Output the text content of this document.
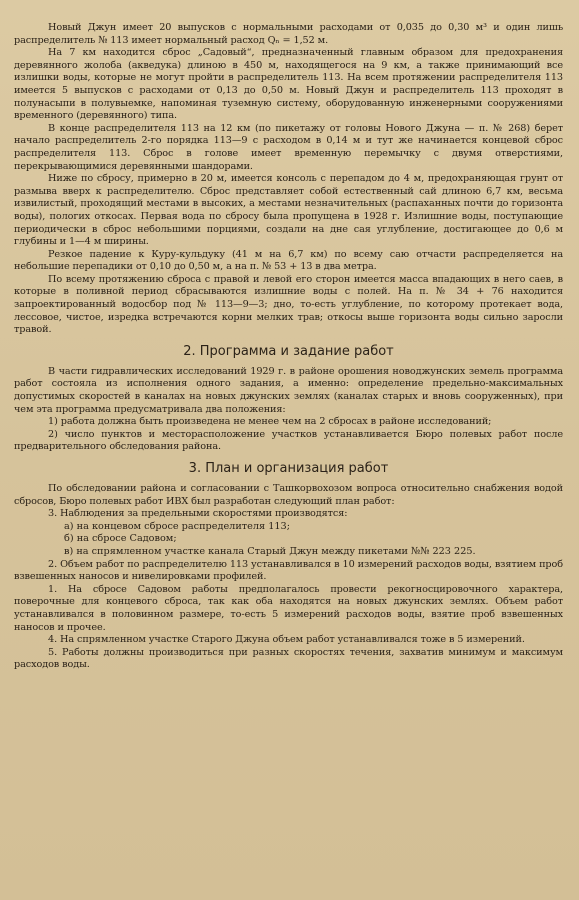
Новый Джун имеет 20 выпусков с нормальными расходами от 0,035 до 0,30 м³ и один лишь распределитель № 113 имеет нормальный расход Qₙ = 1,52 м.

На 7 км находится сброс „Садовый“, предназначенный главным образом для предохранения деревянного жолоба (акведука) длиною в 450 м, находящегося на 9 км, а также принимающий все излишки воды, которые не могут пройти в распределитель 113. На всем протяжении распределителя 113 имеется 5 выпусков с расходами от 0,13 до 0,50 м. Новый Джун и распределитель 113 проходят в полунасыпи в полувыемке, напоминая туземную систему, оборудованную инженерными сооружениями временного (деревянного) типа.

В конце распределителя 113 на 12 км (по пикетажу от головы Нового Джуна — п. № 268) берет начало распределитель 2-го порядка 113—9 с расходом в 0,14 м и тут же начинается концевой сброс распределителя 113. Сброс в голове имеет временную перемычку с двумя отверстиями, перекрывающимися деревянными шандорами.

Ниже по сбросу, примерно в 20 м, имеется консоль с перепадом до 4 м, предохраняющая грунт от размыва вверх к распределителю. Сброс представляет собой естественный сай длиною 6,7 км, весьма извилистый, проходящий местами в высоких, а местами незначительных (распаханных почти до горизонта воды), пологих откосах. Первая вода по сбросу была пропущена в 1928 г. Излишние воды, поступающие периодически в сброс небольшими порциями, создали на дне сая углубление, достигающее до 0,6 м глубины и 1—4 м ширины.

Резкое падение к Куру-кульдуку (41 м на 6,7 км) по всему саю отчасти распределяется на небольшие перепадики от 0,10 до 0,50 м, а на п. № 53 + 13 в два метра.

По всему протяжению сброса с правой и левой его сторон имеется масса впадающих в него саев, в которые в поливной период сбрасываются излишние воды с полей. На п. № 34 + 76 находится запроектированный водосбор под № 113—9—3; дно, то-есть углубление, по которому протекает вода, лессовое, чистое, изредка встречаются корни мелких трав; откосы выше горизонта воды сильно заросли травой.

2. Программа и задание работ

В части гидравлических исследований 1929 г. в районе орошения новоджунских земель программа работ состояла из исполнения одного задания, а именно: определение предельно-максимальных допустимых скоростей в каналах на новых джунских землях (каналах старых и вновь сооруженных), при чем эта программа предусматривала два положения:

1) работа должна быть произведена не менее чем на 2 сбросах в районе исследований;

2) число пунктов и месторасположение участков устанавливается Бюро полевых работ после предварительного обследования района.

3. План и организация работ

По обследовании района и согласовании с Ташкорвохозом вопроса относительно снабжения водой сбросов, Бюро полевых работ ИВХ был разработан следующий план работ:

3. Наблюдения за предельными скоростями производятся:

а) на концевом сбросе распределителя 113;

б) на сбросе Садовом;

в) на спрямленном участке канала Старый Джун между пикетами №№ 223 225.

2. Объем работ по распределителю 113 устанавливался в 10 измерений расходов воды, взятием проб взвешенных наносов и нивелировками профилей.

1. На сбросе Садовом работы предполагалось провести рекогносцировочного характера, поверочные для концевого сброса, так как оба находятся на новых джунских землях. Объем работ устанавливался в половинном размере, то-есть 5 измерений расходов воды, взятие проб взвешенных наносов и прочее.

4. На спрямленном участке Старого Джуна объем работ устанавливался тоже в 5 измерений.

5. Работы должны производиться при разных скоростях течения, захватив минимум и максимум расходов воды.
